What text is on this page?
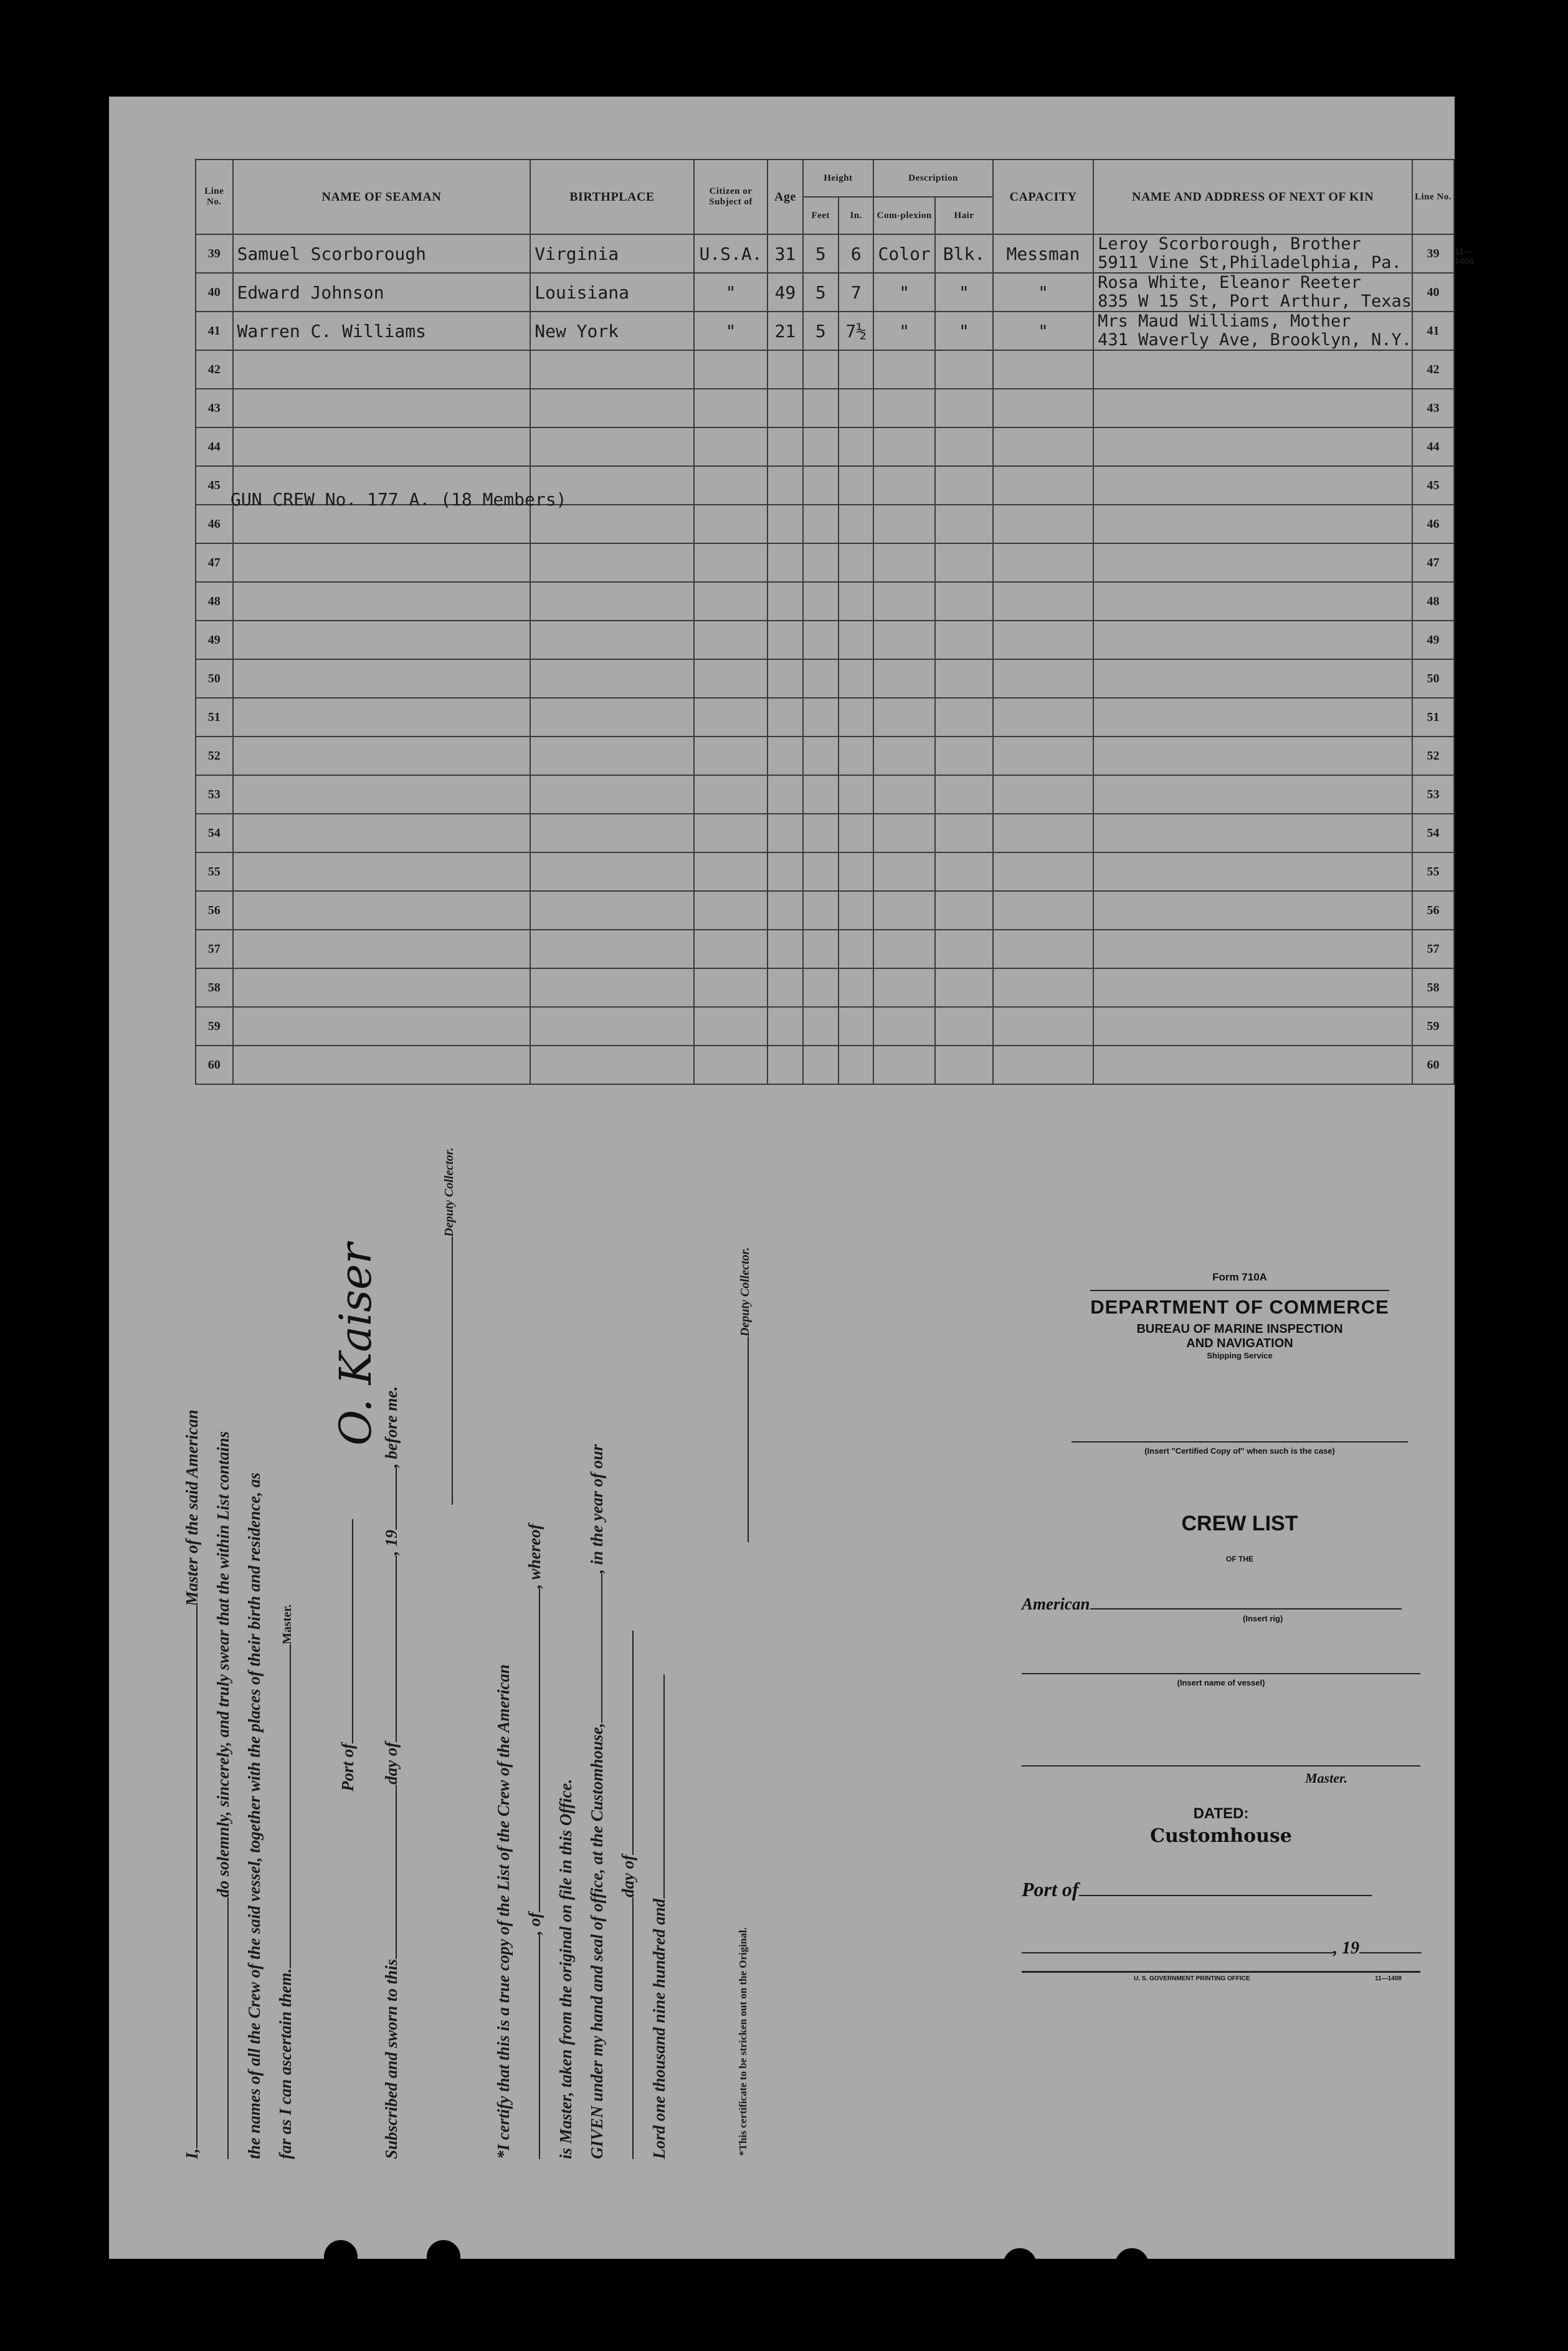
11—1408
Line No.	NAME OF SEAMAN	BIRTHPLACE	Citizen or Subject of	Age	Height		Description		CAPACITY	NAME AND ADDRESS OF NEXT OF KIN	Line No.
					Feet	In.	Com-plexion	Hair			
39	Samuel Scorborough	Virginia	U.S.A.	31	5	6	Color	Blk.	Messman	Leroy Scorborough, Brother
5911 Vine St,Philadelphia, Pa.	39
40	Edward Johnson	Louisiana	"	49	5	7	"	"	"	Rosa White, Eleanor Reeter
835 W 15 St, Port Arthur, Texas	40
41	Warren C. Williams	New York	"	21	5	7½	"	"	"	Mrs Maud Williams, Mother
431 Waverly Ave, Brooklyn, N.Y.	41
42											42
43											43
44											44
45											45
46											46
47											47
48											48
49											49
50											50
51											51
52											52
53											53
54											54
55											55
56											56
57											57
58											58
59											59
60											60
GUN CREW No. 177 A. (18 Members)
I,Master of the said American do solemnly, sincerely, and truly swear that the within List contains the names of all the Crew of the said vessel, together with the places of their birth and residence, as far as I can ascertain them.Master.
O. Kaiser
Port of
Subscribed and sworn to thisday of, 19, before me.
Deputy Collector.
*I certify that this is a true copy of the List of the Crew of the American , of, whereof
is Master, taken from the original on file in this Office. GIVEN under my hand and seal of office, at the Customhouse,, in the year of our
day of
Lord one thousand nine hundred and
Deputy Collector.
*This certificate to be stricken out on the Original.
Form 710A
DEPARTMENT OF COMMERCE
BUREAU OF MARINE INSPECTION
AND NAVIGATION
Shipping Service
(Insert "Certified Copy of" when such is the case)
CREW LIST
OF THE
American
(Insert rig)
(Insert name of vessel)
Master.
DATED:
Customhouse
Port of
, 19
U. S. GOVERNMENT PRINTING OFFICE	11—1408
